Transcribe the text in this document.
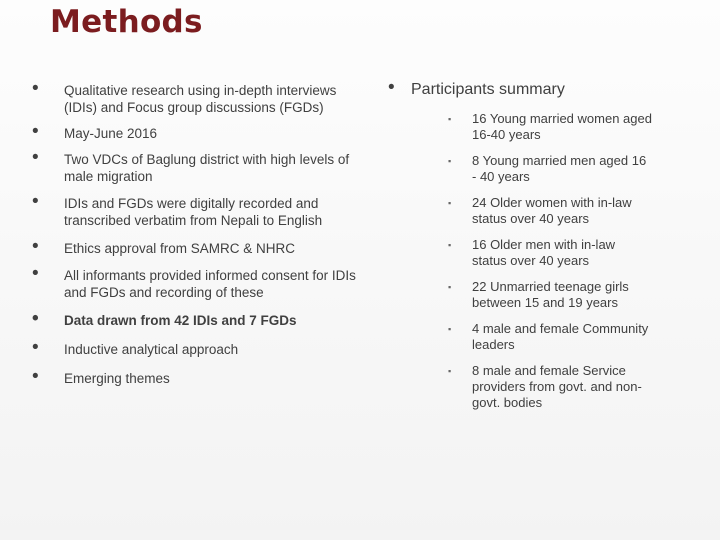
Methods
• Qualitative research using in-depth interviews (IDIs) and Focus group discussions (FGDs)
• May-June 2016
• Two VDCs of Baglung district with high levels of male migration
• IDIs and FGDs were digitally recorded and transcribed verbatim from Nepali to English
• Ethics approval from SAMRC & NHRC
• All informants provided informed consent for IDIs and FGDs and recording of these
• Data drawn from 42 IDIs and 7 FGDs
• Inductive analytical approach
• Emerging themes
• Participants summary
▪ 16 Young married women aged 16-40 years
▪ 8 Young married men aged 16 - 40 years
▪ 24 Older women with in-law status over 40 years
▪ 16 Older men with in-law status over 40 years
▪ 22 Unmarried teenage girls between 15 and 19 years
▪ 4 male and female Community leaders
▪ 8 male and female Service providers from govt. and non-govt. bodies
